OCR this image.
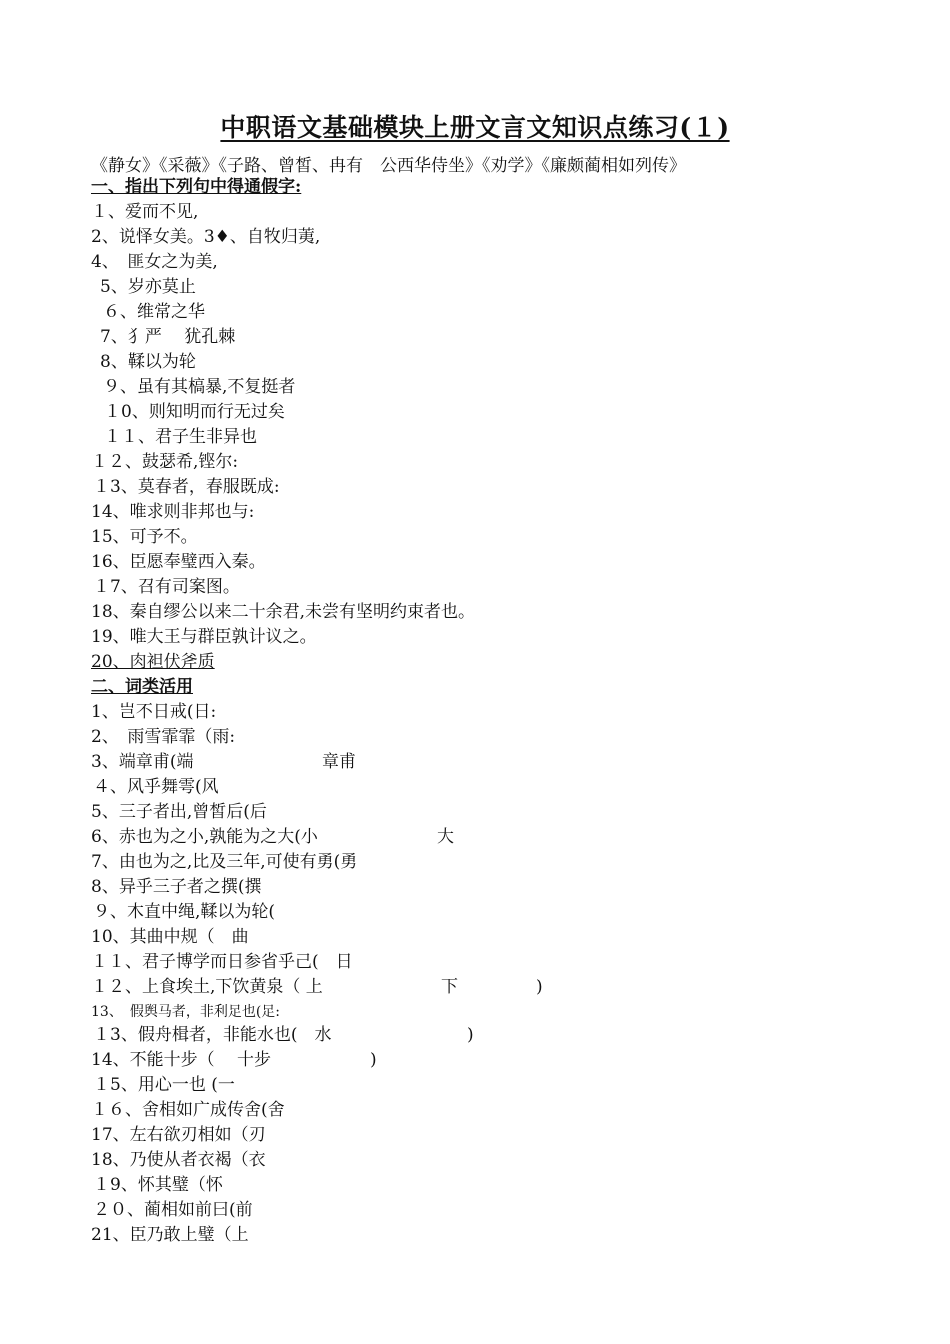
中职语文基础模块上册文言文知识点练习(１)
《静女》《采薇》《子路、曾皙、冉有　公西华侍坐》《劝学》《廉颇蔺相如列传》
一、指出下列句中得通假字:
１、爱而不见,
2、说怿女美。3♦、自牧归荑,
4、　匪女之为美,
5、岁亦莫止
６、维常之华
7、犭严　 犹孔棘
8、鞣以为轮
９、虽有其槁暴,不复挺者
１0、则知明而行无过矣
１１、君子生非异也
１２、鼓瑟希,铿尔:
１3、莫春者，春服既成:
14、唯求则非邦也与:
15、可予不。
16、臣愿奉璧西入秦。
１7、召有司案图。
18、秦自缪公以来二十余君,未尝有坚明约束者也。
19、唯大王与群臣孰计议之。
20、肉袒伏斧质
二、词类活用
1、岂不日戒(日:
2、　雨雪霏霏（雨:
3、端章甫(端	章甫
４、风乎舞雩(风
5、三子者出,曾皙后(后
6、赤也为之小,孰能为之大(小	大
7、由也为之,比及三年,可使有勇(勇
8、异乎三子者之撰(撰
９、木直中绳,鞣以为轮(
10、其曲中规（　曲
１１、君子博学而日参省乎己(　日
１２、上食埃土,下饮黄泉（ 上	下	)
13、　假舆马者，非利足也(足:
１3、假舟楫者，非能水也(　水	)
14、不能十步（　 十步	)
１5、用心一也 (一
１６、舍相如广成传舍(舍
17、左右欲刃相如（刃
18、乃使从者衣褐（衣
１9、怀其璧（怀
２０、蔺相如前曰(前
21、臣乃敢上璧（上
